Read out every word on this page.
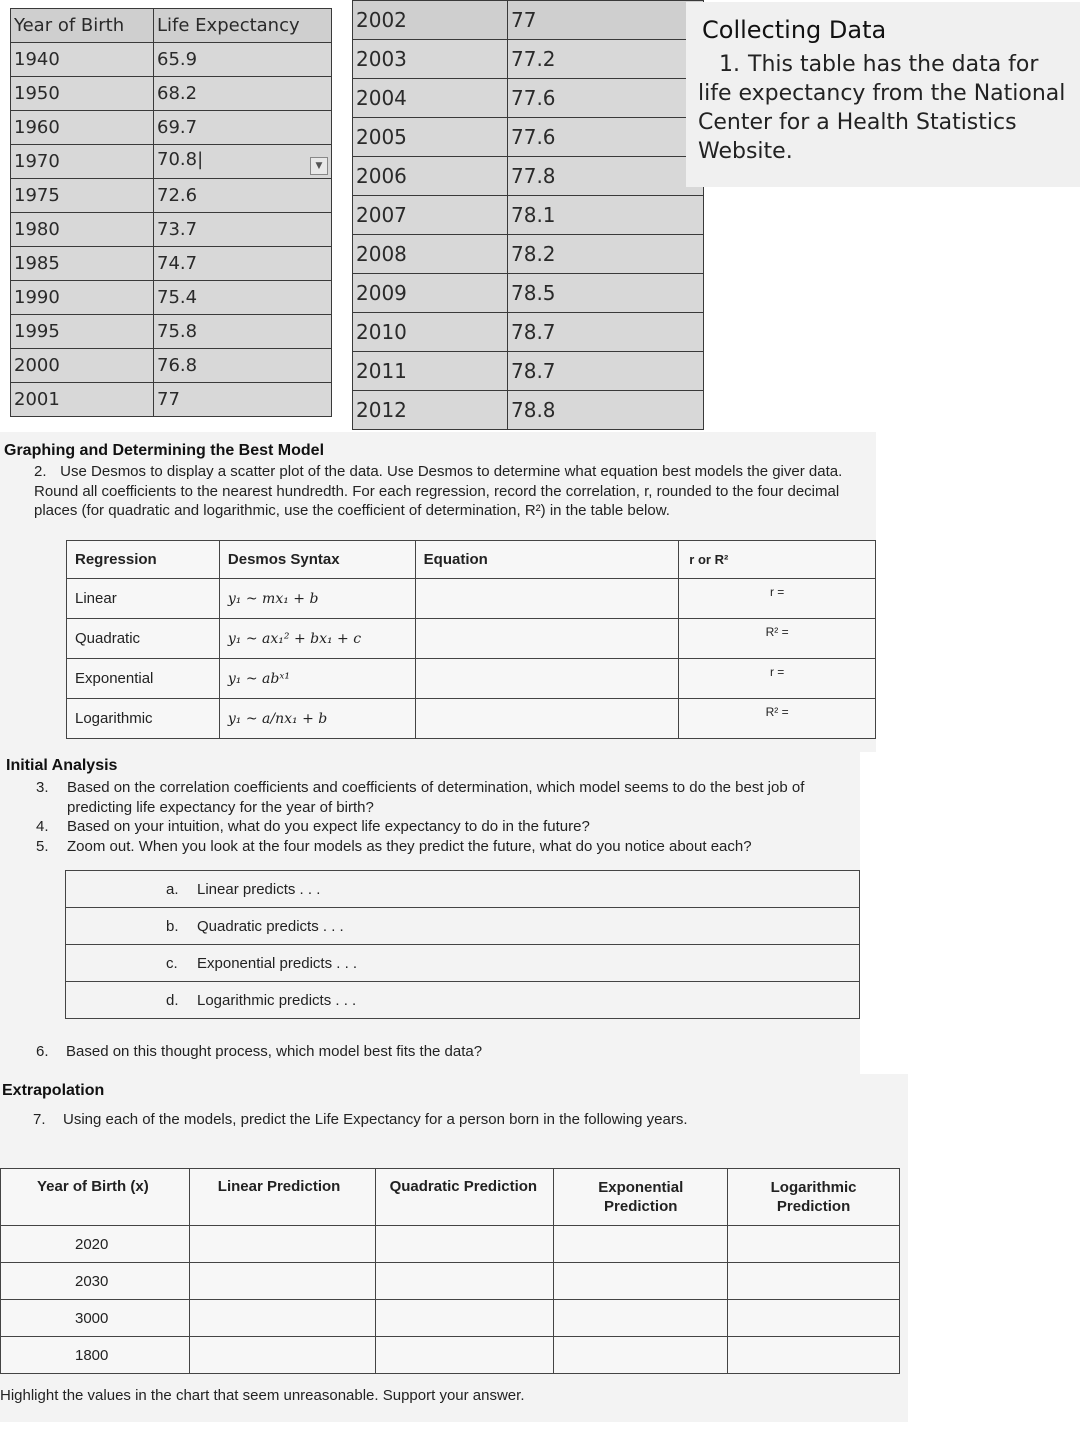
Year of Birth	Life Expectancy
1940	65.9
1950	68.2
1960	69.7
1970	70.8| ▼

1975	72.6
1980	73.7
1985	74.7
1990	75.4
1995	75.8
2000	76.8
2001	77
2002	77
2003	77.2
2004	77.6
2005	77.6
2006	77.8
2007	78.1
2008	78.2
2009	78.5
2010	78.7
2011	78.7
2012	78.8
Collecting Data

1. This table has the data for life expectancy from the National Center for a Health Statistics Website.

Graphing and Determining the Best Model
2. Use Desmos to display a scatter plot of the data. Use Desmos to determine what equation best models the giver data. Round all coefficients to the nearest hundredth. For each regression, record the correlation, r, rounded to the four decimal places (for quadratic and logarithmic, use the coefficient of determination, R²) in the table below.
Regression	Desmos Syntax	Equation	r or R²
Linear	y₁ ~ mx₁ + b		r =
Quadratic	y₁ ~ ax₁² + bx₁ + c		R² =
Exponential	y₁ ~ abˣ¹		r =
Logarithmic	y₁ ~ a/nx₁ + b		R² =
Initial Analysis
3.	Based on the correlation coefficients and coefficients of determination, which model seems to do the best job of predicting life expectancy for the year of birth?
4.	Based on your intuition, what do you expect life expectancy to do in the future?
5.	Zoom out. When you look at the four models as they predict the future, what do you notice about each?
a. Linear predicts . . .
b. Quadratic predicts . . .
c. Exponential predicts . . .
d. Logarithmic predicts . . .
6. Based on this thought process, which model best fits the data?
Extrapolation
7. Using each of the models, predict the Life Expectancy for a person born in the following years.
Year of Birth (x)	Linear Prediction	Quadratic Prediction	Exponential Prediction	Logarithmic Prediction
2020				
2030				
3000				
1800				
Highlight the values in the chart that seem unreasonable. Support your answer.
